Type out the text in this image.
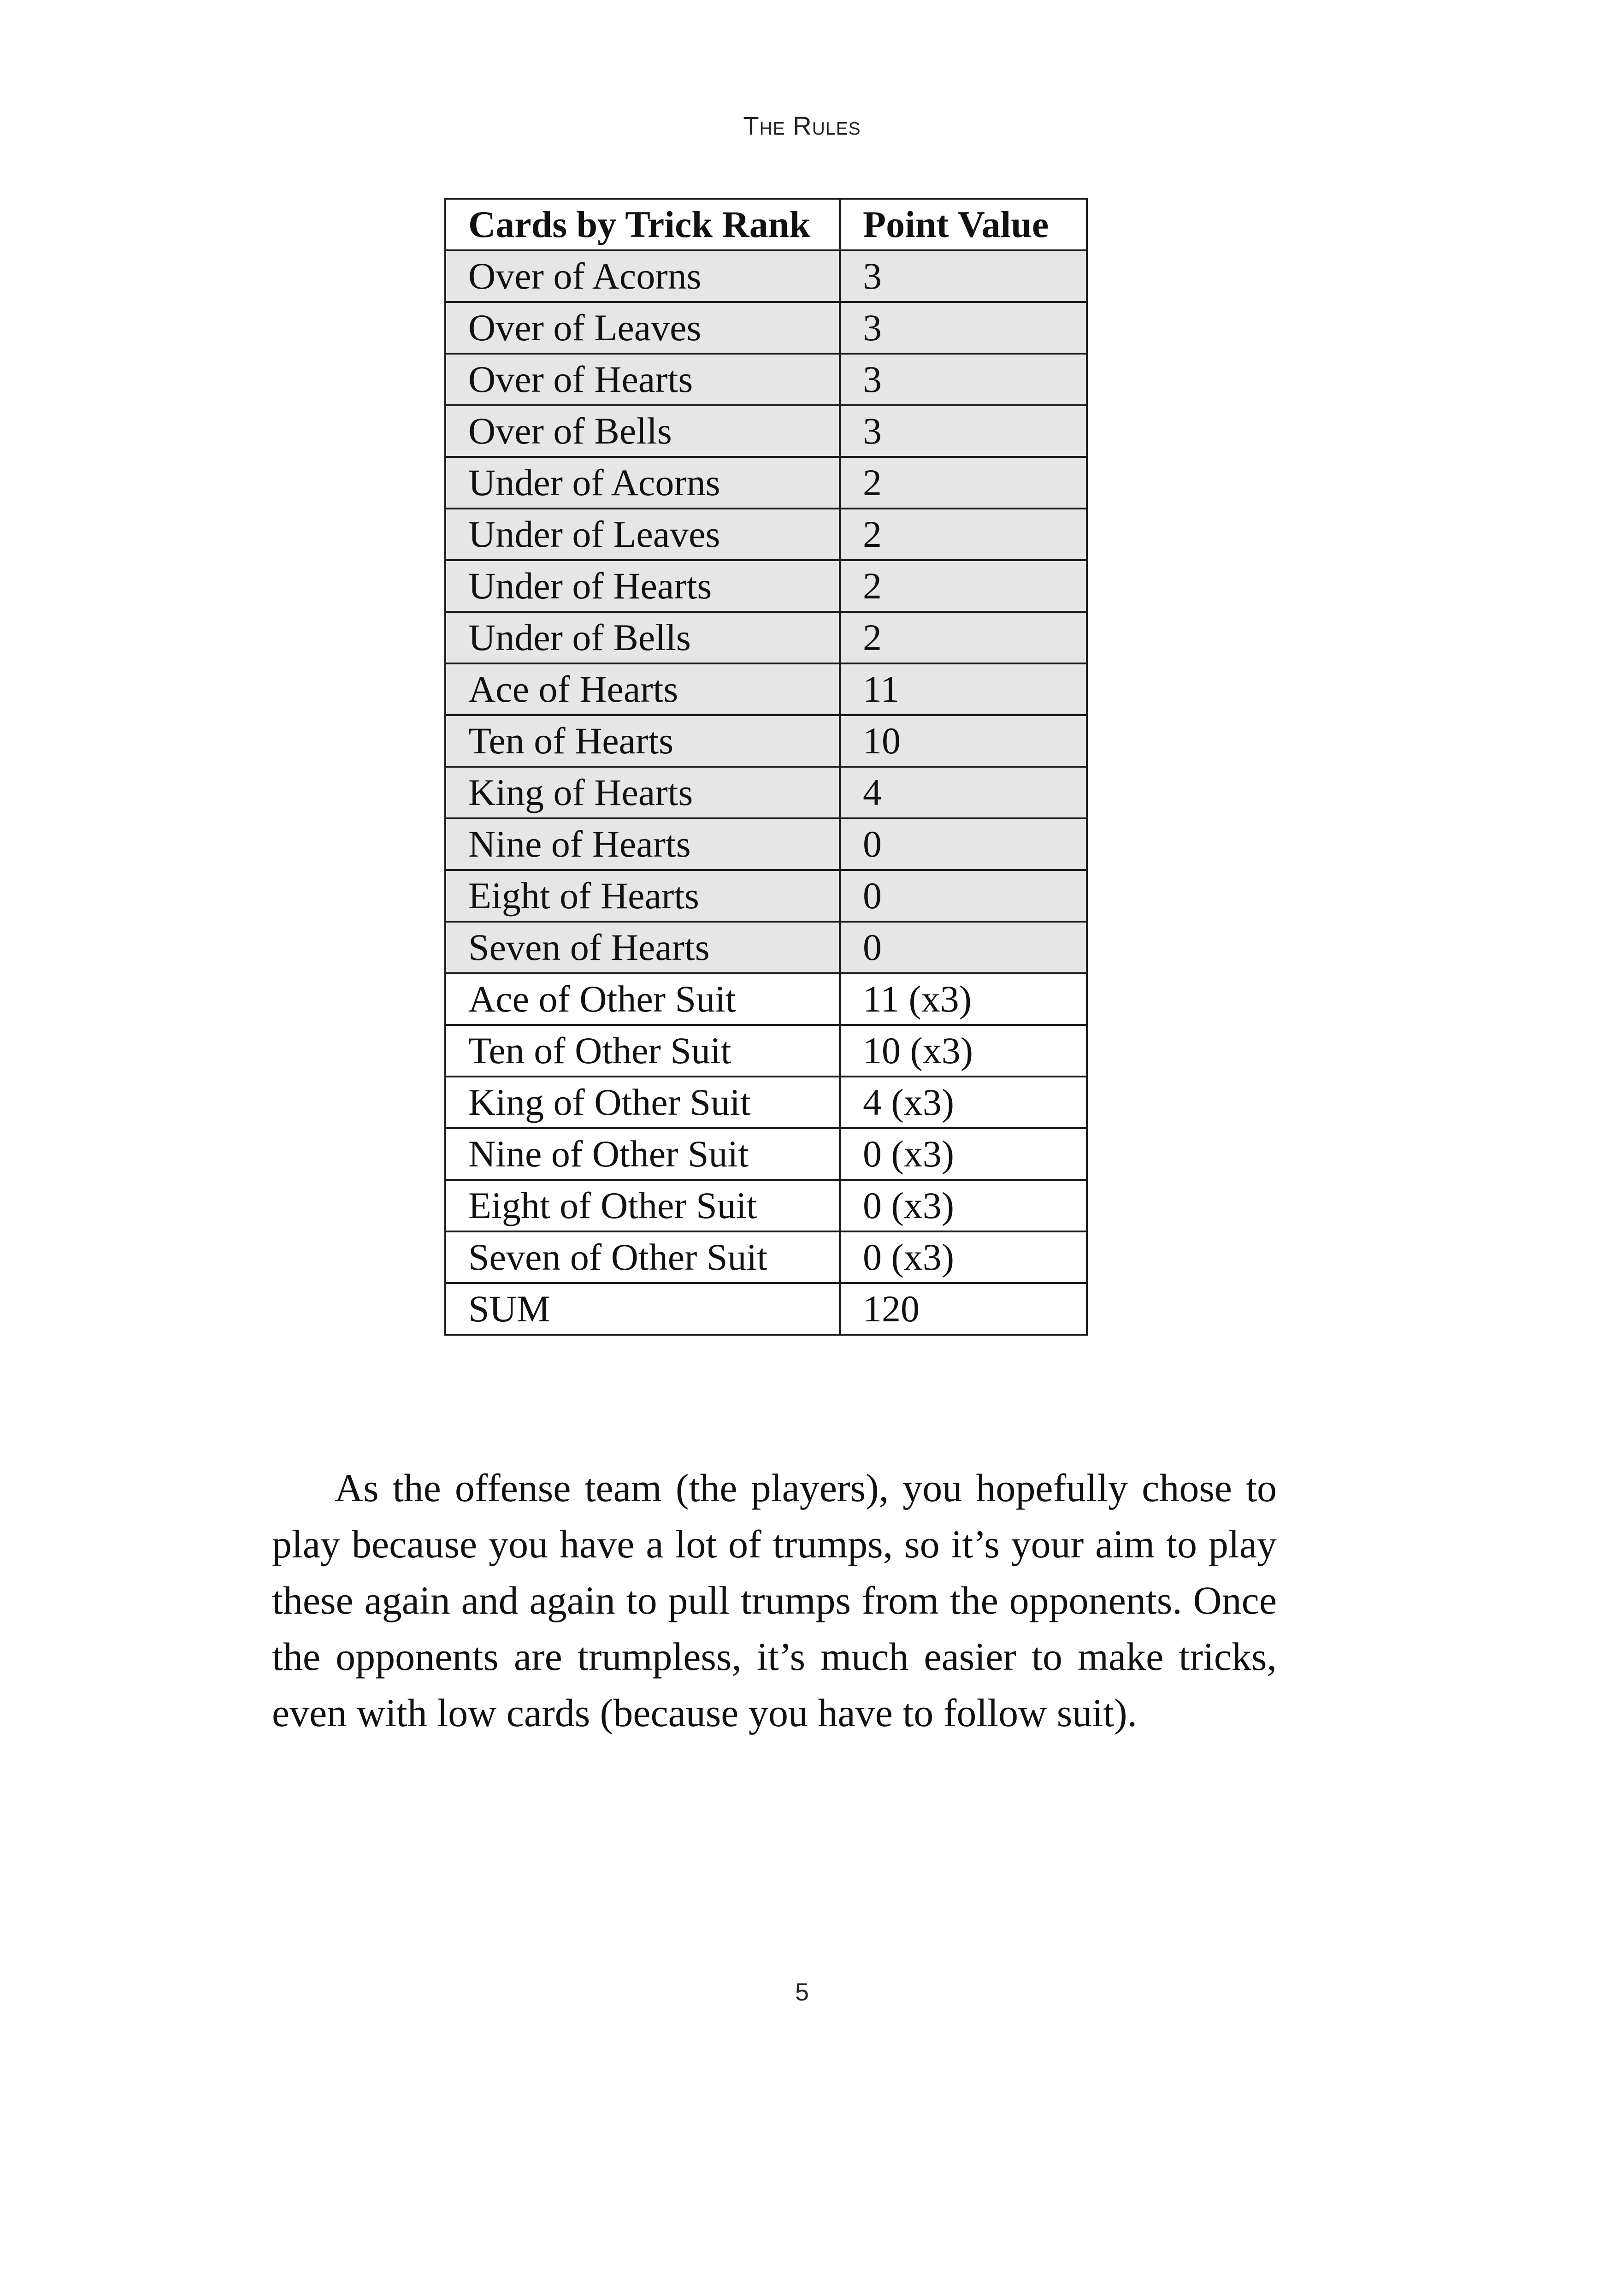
The Rules
Cards by Trick Rank	Point Value
Over of Acorns	3
Over of Leaves	3
Over of Hearts	3
Over of Bells	3
Under of Acorns	2
Under of Leaves	2
Under of Hearts	2
Under of Bells	2
Ace of Hearts	11
Ten of Hearts	10
King of Hearts	4
Nine of Hearts	0
Eight of Hearts	0
Seven of Hearts	0
Ace of Other Suit	11 (x3)
Ten of Other Suit	10 (x3)
King of Other Suit	4 (x3)
Nine of Other Suit	0 (x3)
Eight of Other Suit	0 (x3)
Seven of Other Suit	0 (x3)
SUM	120

As the offense team (the players), you hopefully chose to play because you have a lot of trumps, so it’s your aim to play these again and again to pull trumps from the opponents. Once the opponents are trumpless, it’s much easier to make tricks, even with low cards (because you have to follow suit).

5
